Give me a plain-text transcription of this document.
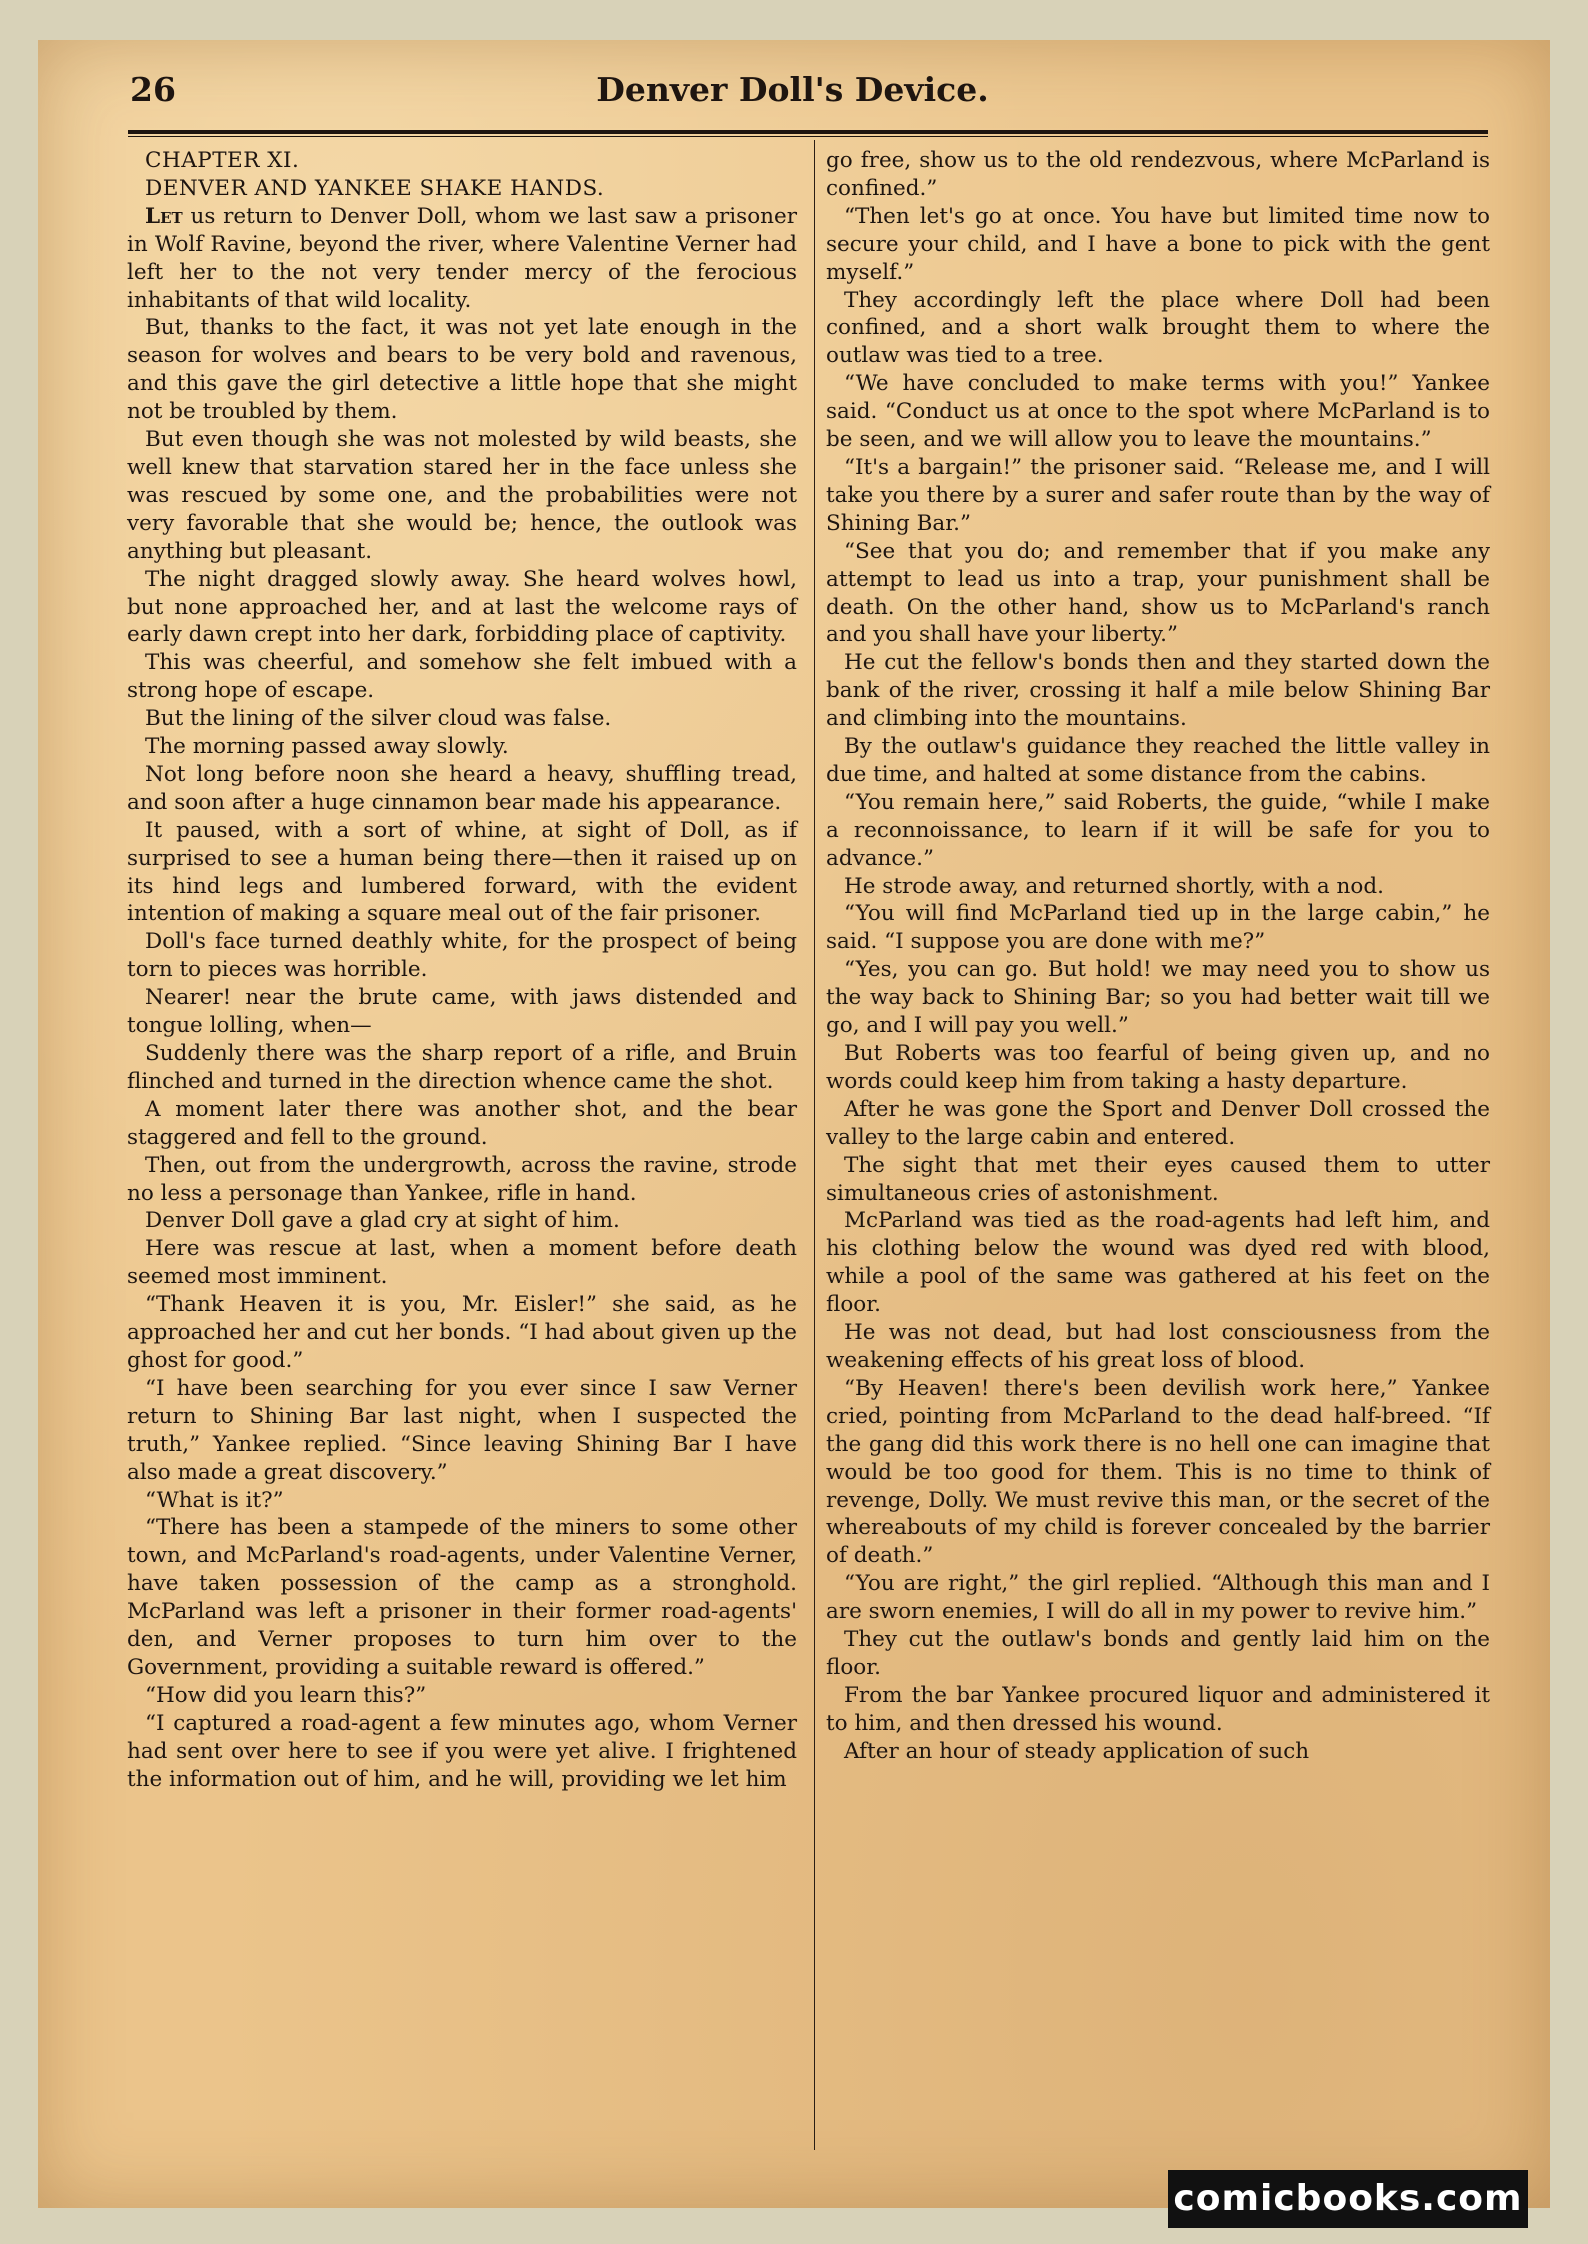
26	Denver Doll's Device.

CHAPTER XI.

DENVER AND YANKEE SHAKE HANDS.

Let us return to Denver Doll, whom we last saw a prisoner in Wolf Ravine, beyond the river, where Valentine Verner had left her to the not very tender mercy of the ferocious inhabitants of that wild locality.

But, thanks to the fact, it was not yet late enough in the season for wolves and bears to be very bold and ravenous, and this gave the girl detective a little hope that she might not be troubled by them.

But even though she was not molested by wild beasts, she well knew that starvation stared her in the face unless she was rescued by some one, and the probabilities were not very favorable that she would be; hence, the outlook was anything but pleasant.

The night dragged slowly away. She heard wolves howl, but none approached her, and at last the welcome rays of early dawn crept into her dark, forbidding place of captivity.

This was cheerful, and somehow she felt imbued with a strong hope of escape.

But the lining of the silver cloud was false.

The morning passed away slowly.

Not long before noon she heard a heavy, shuffling tread, and soon after a huge cinnamon bear made his appearance.

It paused, with a sort of whine, at sight of Doll, as if surprised to see a human being there—then it raised up on its hind legs and lumbered forward, with the evident intention of making a square meal out of the fair prisoner.

Doll's face turned deathly white, for the prospect of being torn to pieces was horrible.

Nearer! near the brute came, with jaws distended and tongue lolling, when—

Suddenly there was the sharp report of a rifle, and Bruin flinched and turned in the direction whence came the shot.

A moment later there was another shot, and the bear staggered and fell to the ground.

Then, out from the undergrowth, across the ravine, strode no less a personage than Yankee, rifle in hand.

Denver Doll gave a glad cry at sight of him.

Here was rescue at last, when a moment before death seemed most imminent.

“Thank Heaven it is you, Mr. Eisler!” she said, as he approached her and cut her bonds. “I had about given up the ghost for good.”

“I have been searching for you ever since I saw Verner return to Shining Bar last night, when I suspected the truth,” Yankee replied. “Since leaving Shining Bar I have also made a great discovery.”

“What is it?”

“There has been a stampede of the miners to some other town, and McParland's road-agents, under Valentine Verner, have taken possession of the camp as a stronghold. McParland was left a prisoner in their former road-agents' den, and Verner proposes to turn him over to the Government, providing a suitable reward is offered.”

“How did you learn this?”

“I captured a road-agent a few minutes ago, whom Verner had sent over here to see if you were yet alive. I frightened the information out of him, and he will, providing we let him

go free, show us to the old rendezvous, where McParland is confined.”

“Then let's go at once. You have but limited time now to secure your child, and I have a bone to pick with the gent myself.”

They accordingly left the place where Doll had been confined, and a short walk brought them to where the outlaw was tied to a tree.

“We have concluded to make terms with you!” Yankee said. “Conduct us at once to the spot where McParland is to be seen, and we will allow you to leave the mountains.”

“It's a bargain!” the prisoner said. “Release me, and I will take you there by a surer and safer route than by the way of Shining Bar.”

“See that you do; and remember that if you make any attempt to lead us into a trap, your punishment shall be death. On the other hand, show us to McParland's ranch and you shall have your liberty.”

He cut the fellow's bonds then and they started down the bank of the river, crossing it half a mile below Shining Bar and climbing into the mountains.

By the outlaw's guidance they reached the little valley in due time, and halted at some distance from the cabins.

“You remain here,” said Roberts, the guide, “while I make a reconnoissance, to learn if it will be safe for you to advance.”

He strode away, and returned shortly, with a nod.

“You will find McParland tied up in the large cabin,” he said. “I suppose you are done with me?”

“Yes, you can go. But hold! we may need you to show us the way back to Shining Bar; so you had better wait till we go, and I will pay you well.”

But Roberts was too fearful of being given up, and no words could keep him from taking a hasty departure.

After he was gone the Sport and Denver Doll crossed the valley to the large cabin and entered.

The sight that met their eyes caused them to utter simultaneous cries of astonishment.

McParland was tied as the road-agents had left him, and his clothing below the wound was dyed red with blood, while a pool of the same was gathered at his feet on the floor.

He was not dead, but had lost consciousness from the weakening effects of his great loss of blood.

“By Heaven! there's been devilish work here,” Yankee cried, pointing from McParland to the dead half-breed. “If the gang did this work there is no hell one can imagine that would be too good for them. This is no time to think of revenge, Dolly. We must revive this man, or the secret of the whereabouts of my child is forever concealed by the barrier of death.”

“You are right,” the girl replied. “Although this man and I are sworn enemies, I will do all in my power to revive him.”

They cut the outlaw's bonds and gently laid him on the floor.

From the bar Yankee procured liquor and administered it to him, and then dressed his wound.

After an hour of steady application of such

comicbooks.com
